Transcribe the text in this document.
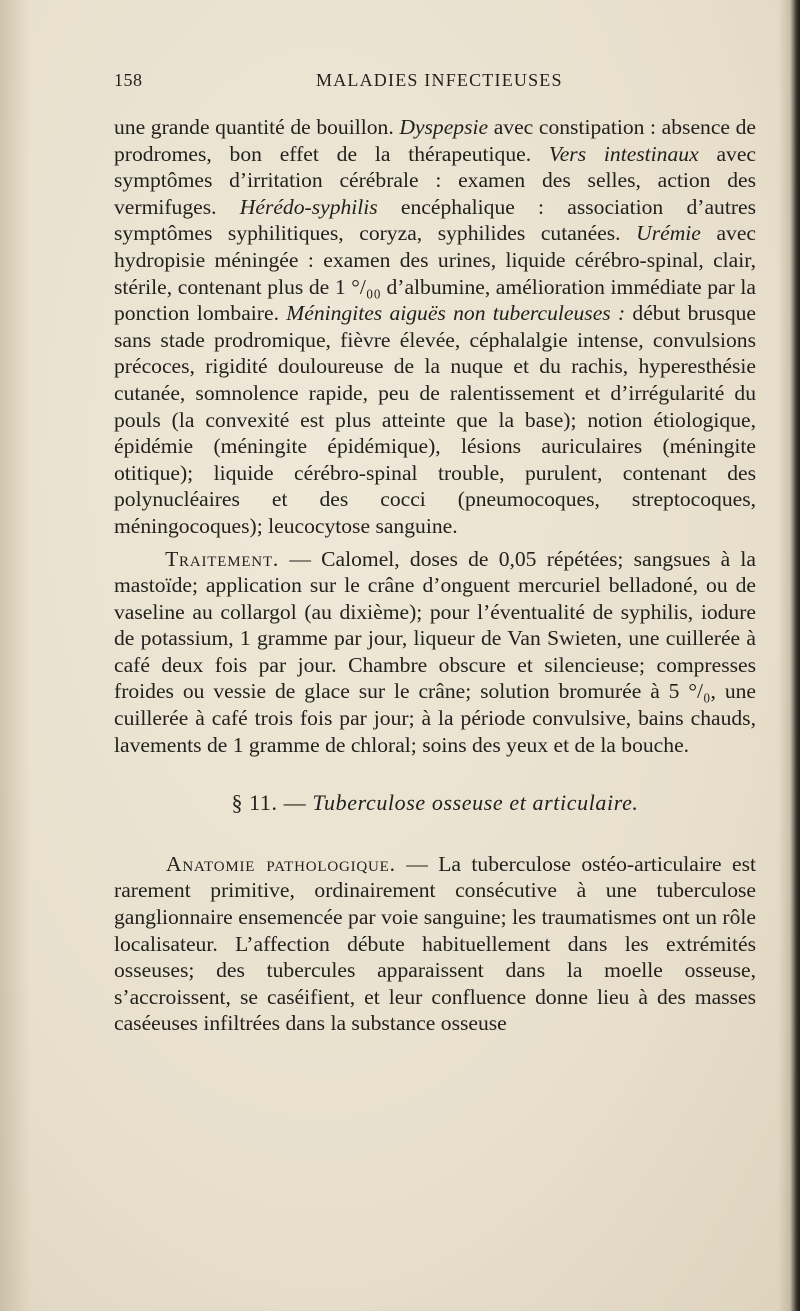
158	MALADIES INFECTIEUSES

une grande quantité de bouillon. Dyspepsie avec constipation : absence de prodromes, bon effet de la thérapeutique. Vers intestinaux avec symptômes d’irritation cérébrale : examen des selles, action des vermifuges. Hérédo-syphilis encéphalique : association d’autres symptômes syphilitiques, coryza, syphilides cutanées. Urémie avec hydropisie méningée : examen des urines, liquide cérébro-spinal, clair, stérile, contenant plus de 1 °/₀₀ d’albumine, amélioration immédiate par la ponction lombaire. Méningites aiguës non tuberculeuses : début brusque sans stade prodromique, fièvre élevée, céphalalgie intense, convulsions précoces, rigidité douloureuse de la nuque et du rachis, hyperesthésie cutanée, somnolence rapide, peu de ralentissement et d’irrégularité du pouls (la convexité est plus atteinte que la base); notion étiologique, épidémie (méningite épidémique), lésions auriculaires (méningite otitique); liquide cérébro-spinal trouble, purulent, contenant des polynucléaires et des cocci (pneumocoques, streptocoques, méningocoques); leucocytose sanguine.

Traitement. — Calomel, doses de 0,05 répétées; sangsues à la mastoïde; application sur le crâne d’onguent mercuriel belladoné, ou de vaseline au collargol (au dixième); pour l’éventualité de syphilis, iodure de potassium, 1 gramme par jour, liqueur de Van Swieten, une cuillerée à café deux fois par jour. Chambre obscure et silencieuse; compresses froides ou vessie de glace sur le crâne; solution bromurée à 5 °/₀, une cuillerée à café trois fois par jour; à la période convulsive, bains chauds, lavements de 1 gramme de chloral; soins des yeux et de la bouche.

§ 11. — Tuberculose osseuse et articulaire.

Anatomie pathologique. — La tuberculose ostéo-articulaire est rarement primitive, ordinairement consécutive à une tuberculose ganglionnaire ensemencée par voie sanguine; les traumatismes ont un rôle localisateur. L’affection débute habituellement dans les extrémités osseuses; des tubercules apparaissent dans la moelle osseuse, s’accroissent, se caséifient, et leur confluence donne lieu à des masses caséeuses infiltrées dans la substance osseuse
